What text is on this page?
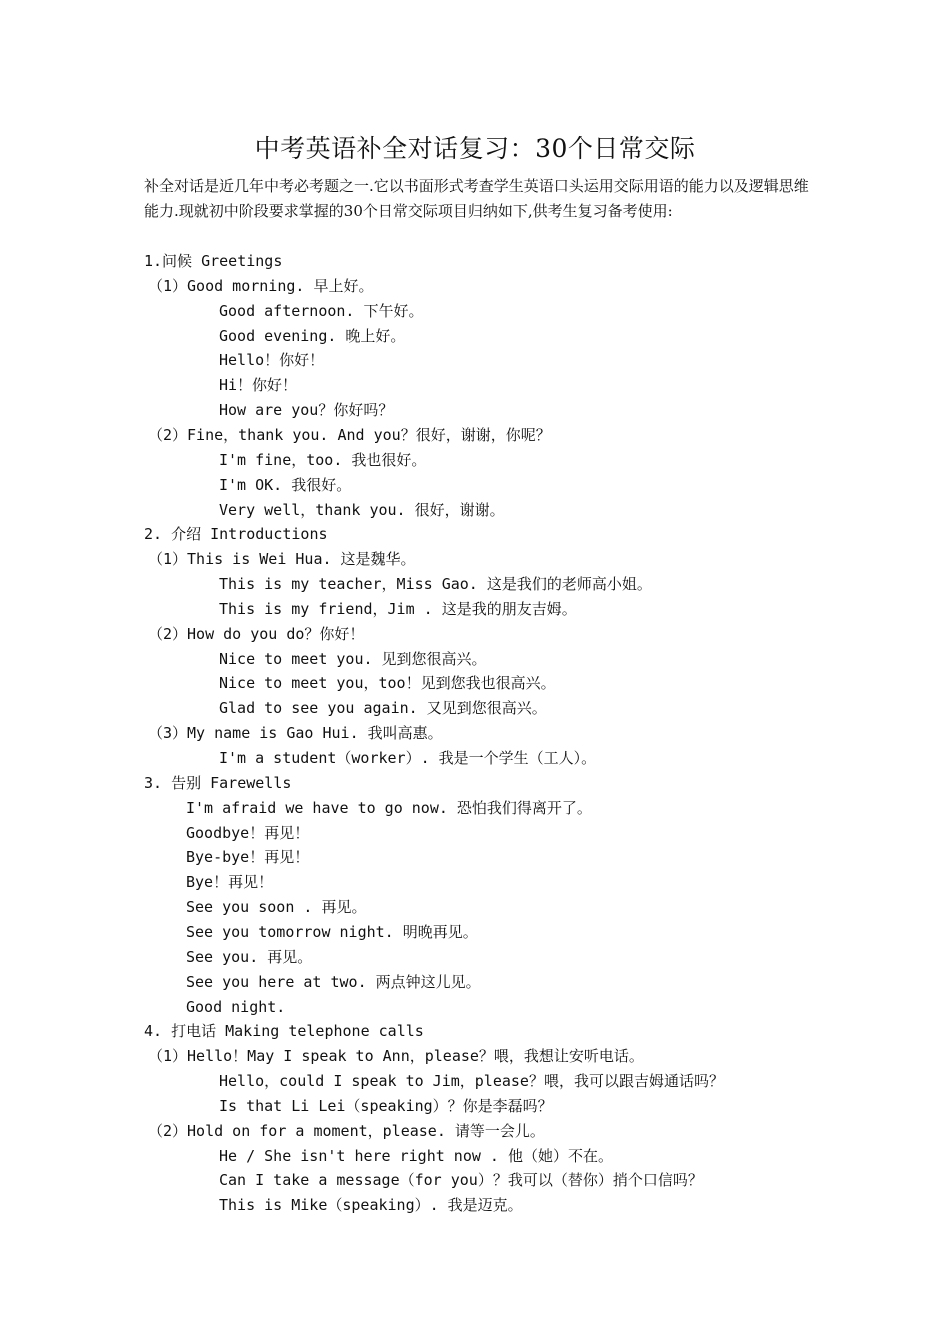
中考英语补全对话复习：30个日常交际
补全对话是近几年中考必考题之一.它以书面形式考查学生英语口头运用交际用语的能力以及逻辑思维能力.现就初中阶段要求掌握的30个日常交际项目归纳如下,供考生复习备考使用:
1.问候 Greetings
（1）Good morning. 早上好。
Good afternoon. 下午好。
Good evening. 晚上好。
Hello！你好！
Hi！你好！
How are you？你好吗？
（2）Fine，thank you. And you？很好，谢谢，你呢？
I'm fine，too. 我也很好。
I'm OK. 我很好。
Very well，thank you. 很好，谢谢。
2. 介绍 Introductions
（1）This is Wei Hua. 这是魏华。
This is my teacher，Miss Gao. 这是我们的老师高小姐。
This is my friend，Jim . 这是我的朋友吉姆。
（2）How do you do？你好！
Nice to meet you. 见到您很高兴。
Nice to meet you，too！见到您我也很高兴。
Glad to see you again. 又见到您很高兴。
（3）My name is Gao Hui. 我叫高惠。
I'm a student（worker）. 我是一个学生（工人）。
3. 告别 Farewells
I'm afraid we have to go now. 恐怕我们得离开了。
Goodbye！再见！
Bye-bye！再见！
Bye！再见！
See you soon . 再见。
See you tomorrow night. 明晚再见。
See you. 再见。
See you here at two. 两点钟这儿见。
Good night.
4. 打电话 Making telephone calls
（1）Hello！May I speak to Ann，please？喂，我想让安听电话。
Hello，could I speak to Jim，please？喂，我可以跟吉姆通话吗？
Is that Li Lei（speaking）？你是李磊吗？
（2）Hold on for a moment，please. 请等一会儿。
He / She isn't here right now . 他（她）不在。
Can I take a message（for you）？我可以（替你）捎个口信吗？
This is Mike（speaking）. 我是迈克。
